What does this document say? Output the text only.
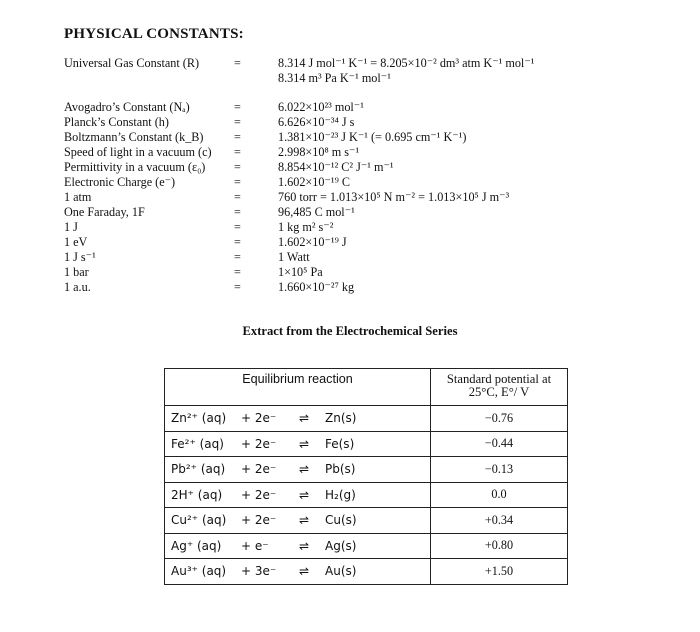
PHYSICAL CONSTANTS:
Universal Gas Constant (R)	=	8.314 J mol⁻¹ K⁻¹ = 8.205×10⁻² dm³ atm K⁻¹ mol⁻¹
8.314 m³ Pa K⁻¹ mol⁻¹
Avogadro’s Constant (Nₐ)	=	6.022×10²³ mol⁻¹
Planck’s Constant (h)	=	6.626×10⁻³⁴ J s
Boltzmann’s Constant (k_B)	=	1.381×10⁻²³ J K⁻¹ (= 0.695 cm⁻¹ K⁻¹)
Speed of light in a vacuum (c) =	2.998×10⁸ m s⁻¹
Permittivity in a vacuum (ε₀) =	8.854×10⁻¹² C² J⁻¹ m⁻¹
Electronic Charge (e⁻)	=	1.602×10⁻¹⁹ C
1 atm	=	760 torr = 1.013×10⁵ N m⁻² = 1.013×10⁵ J m⁻³
One Faraday, 1F	=	96,485 C mol⁻¹
1 J	=	1 kg m² s⁻²
1 eV	=	1.602×10⁻¹⁹ J
1 J s⁻¹	=	1 Watt
1 bar	=	1×10⁵ Pa
1 a.u.	=	1.660×10⁻²⁷ kg
Extract from the Electrochemical Series
Equilibrium reaction	Standard potential at
25°C, E°/ V

Zn²⁺ (aq) + 2e⁻ ⇌ Zn(s)	−0.76
Fe²⁺ (aq) + 2e⁻ ⇌ Fe(s)	−0.44
Pb²⁺ (aq) + 2e⁻ ⇌ Pb(s)	−0.13
2H⁺ (aq) + 2e⁻ ⇌ H₂(g)	0.0
Cu²⁺ (aq) + 2e⁻ ⇌ Cu(s)	+0.34
Ag⁺ (aq) + e⁻ ⇌ Ag(s)	+0.80
Au³⁺ (aq) + 3e⁻ ⇌ Au(s)	+1.50
